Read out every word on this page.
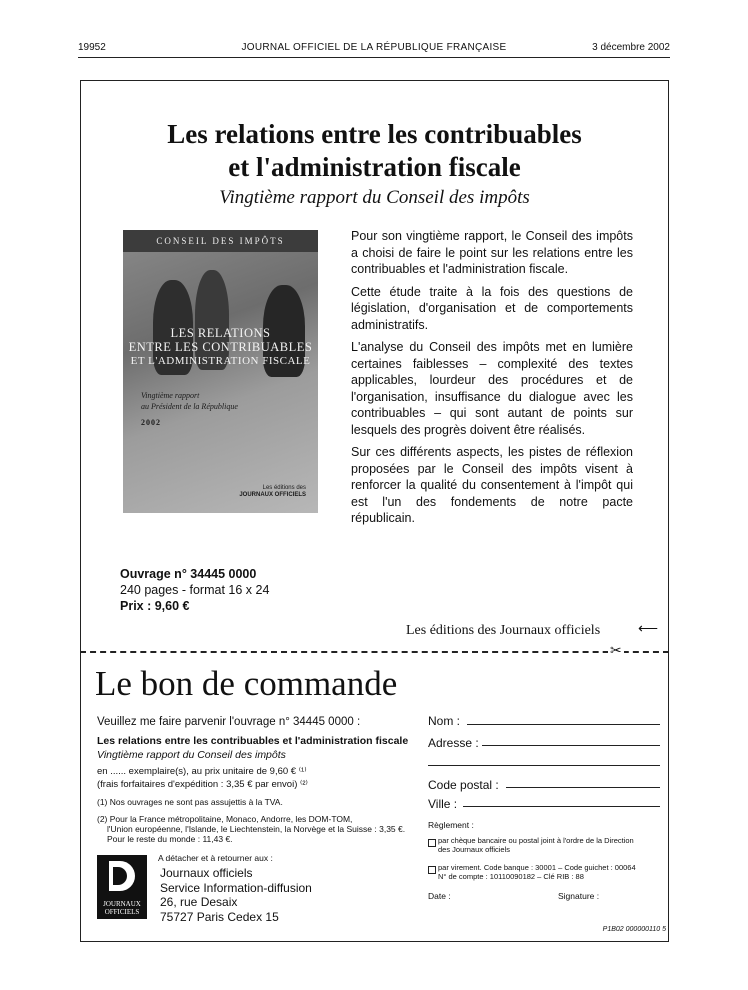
19952	JOURNAL OFFICIEL DE LA RÉPUBLIQUE FRANÇAISE	3 décembre 2002
Les relations entre les contribuables
et l'administration fiscale
Vingtième rapport du Conseil des impôts
CONSEIL DES IMPÔTS
LES RELATIONS
ENTRE LES CONTRIBUABLES
ET L'ADMINISTRATION FISCALE
Vingtième rapport
au Président de la République
2002
Les éditions des
JOURNAUX OFFICIELS

Pour son vingtième rapport, le Conseil des impôts a choisi de faire le point sur les relations entre les contribuables et l'administration fiscale.

Cette étude traite à la fois des questions de législation, d'organisation et de comportements administratifs.

L'analyse du Conseil des impôts met en lumière certaines faiblesses – complexité des textes applicables, lourdeur des procédures et de l'organisation, insuffisance du dialogue avec les contribuables – qui sont autant de points sur lesquels des progrès doivent être réalisés.

Sur ces différents aspects, les pistes de réflexion proposées par le Conseil des impôts visent à renforcer la qualité du consentement à l'impôt qui est l'un des fondements de notre pacte républicain.

Ouvrage n° 34445 0000
240 pages - format 16 x 24
Prix : 9,60 €
Les éditions des Journaux officiels	⟵
✂
Le bon de commande
Veuillez me faire parvenir l'ouvrage n° 34445 0000 :
Les relations entre les contribuables et l'administration fiscale
Vingtième rapport du Conseil des impôts
en ...... exemplaire(s), au prix unitaire de 9,60 € ⁽¹⁾
(frais forfaitaires d'expédition : 3,35 € par envoi) ⁽²⁾
(1) Nos ouvrages ne sont pas assujettis à la TVA.
(2) Pour la France métropolitaine, Monaco, Andorre, les DOM-TOM,
l'Union européenne, l'Islande, le Liechtenstein, la Norvège et la Suisse : 3,35 €.
Pour le reste du monde : 11,43 €.
JOURNAUX
OFFICIELS
A détacher et à retourner aux :
Journaux officiels
Service Information-diffusion
26, rue Desaix
75727 Paris Cedex 15
Nom :
Adresse :
Code postal :
Ville :
Règlement :
par chèque bancaire ou postal joint à l'ordre de la Direction
des Journaux officiels
par virement. Code banque : 30001 – Code guichet : 00064
N° de compte : 10110090182 – Clé RIB : 88
Date :	Signature :
P1B02 000000110 5
